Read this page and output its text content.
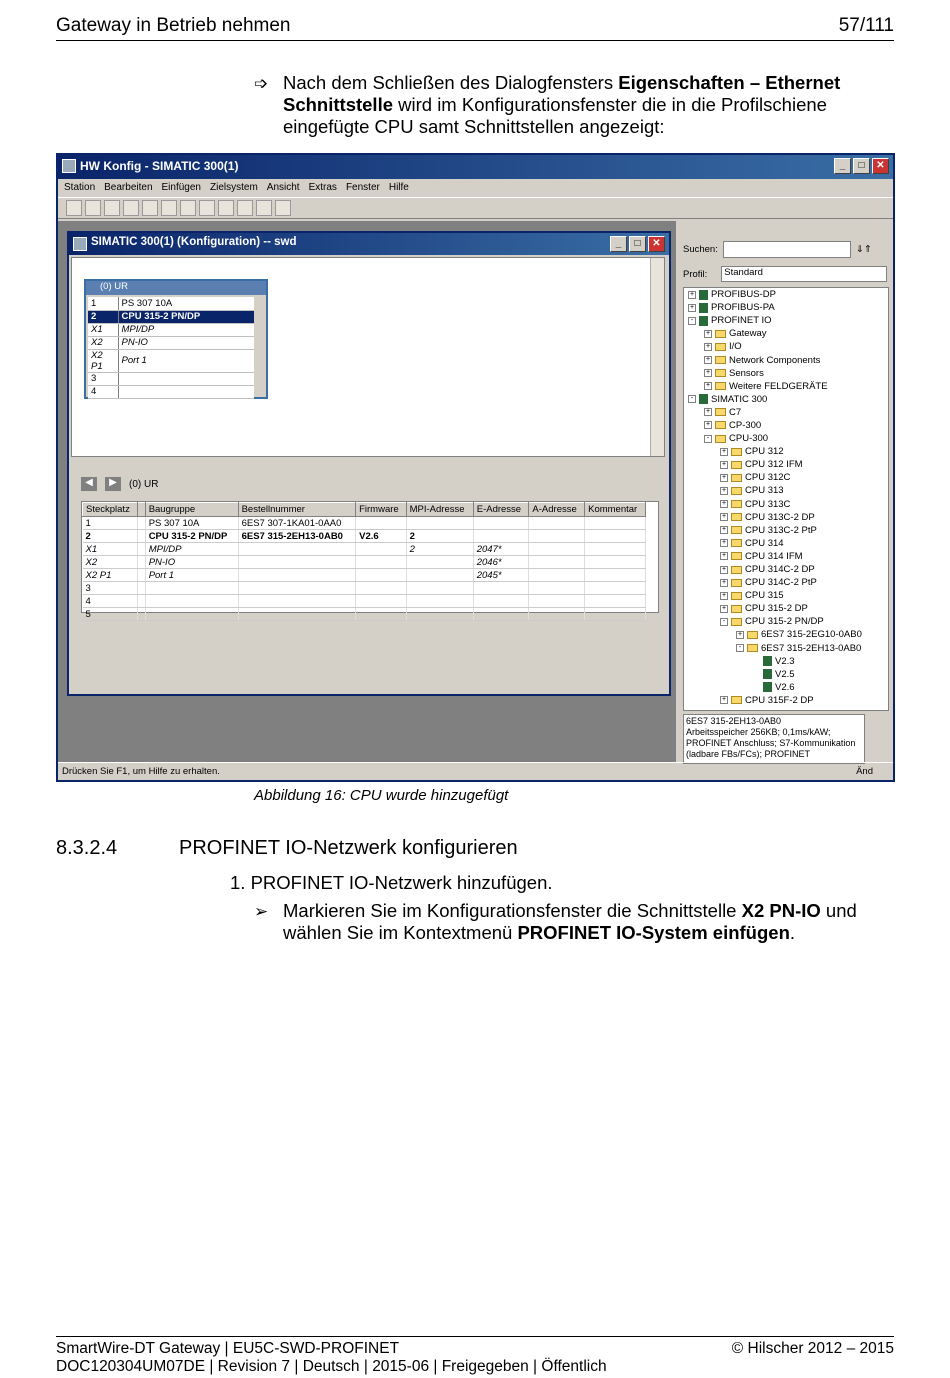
Gateway in Betrieb nehmen	57/111
➩ Nach dem Schließen des Dialogfensters Eigenschaften – Ethernet Schnittstelle wird im Konfigurationsfenster die in die Profilschiene eingefügte CPU samt Schnittstellen angezeigt:
HW Konfig - SIMATIC 300(1)	_	□	✕
Station Bearbeiten Einfügen Zielsystem Ansicht Extras Fenster Hilfe
SIMATIC 300(1) (Konfiguration) -- swd	_	□	✕
(0) UR
1	PS 307 10A
2	CPU 315-2 PN/DP
X1	MPI/DP
X2	PN-IO
X2 P1	Port 1
3	
4	
◀	▶	(0) UR
Steckplatz		Baugruppe	Bestellnummer	Firmware	MPI-Adresse	E-Adresse	A-Adresse	Kommentar
1		PS 307 10A	6ES7 307-1KA01-0AA0					
2		CPU 315-2 PN/DP	6ES7 315-2EH13-0AB0	V2.6	2			
X1		MPI/DP			2	2047*		
X2		PN-IO				2046*		
X2 P1		Port 1				2045*		
3								
4								
5								
Suchen:	⇓⇑
Profil:	Standard
+ PROFIBUS-DP
+ PROFIBUS-PA
- PROFINET IO
+ Gateway
+ I/O
+ Network Components
+ Sensors
+ Weitere FELDGERÄTE
- SIMATIC 300
+ C7
+ CP-300
- CPU-300
+ CPU 312
+ CPU 312 IFM
+ CPU 312C
+ CPU 313
+ CPU 313C
+ CPU 313C-2 DP
+ CPU 313C-2 PtP
+ CPU 314
+ CPU 314 IFM
+ CPU 314C-2 DP
+ CPU 314C-2 PtP
+ CPU 315
+ CPU 315-2 DP
- CPU 315-2 PN/DP
+ 6ES7 315-2EG10-0AB0
- 6ES7 315-2EH13-0AB0
V2.3
V2.5
V2.6
+ CPU 315F-2 DP
6ES7 315-2EH13-0AB0
Arbeitsspeicher 256KB; 0,1ms/kAW; PROFINET Anschluss; S7-Kommunikation (ladbare FBs/FCs); PROFINET
Drücken Sie F1, um Hilfe zu erhalten.	Änd
Abbildung 16: CPU wurde hinzugefügt
8.3.2.4	PROFINET IO-Netzwerk konfigurieren
1. PROFINET IO-Netzwerk hinzufügen.
➢ Markieren Sie im Konfigurationsfenster die Schnittstelle X2 PN-IO und wählen Sie im Kontextmenü PROFINET IO-System einfügen.
SmartWire-DT Gateway | EU5C-SWD-PROFINET
DOC120304UM07DE | Revision 7 | Deutsch | 2015-06 | Freigegeben | Öffentlich
© Hilscher 2012 – 2015
